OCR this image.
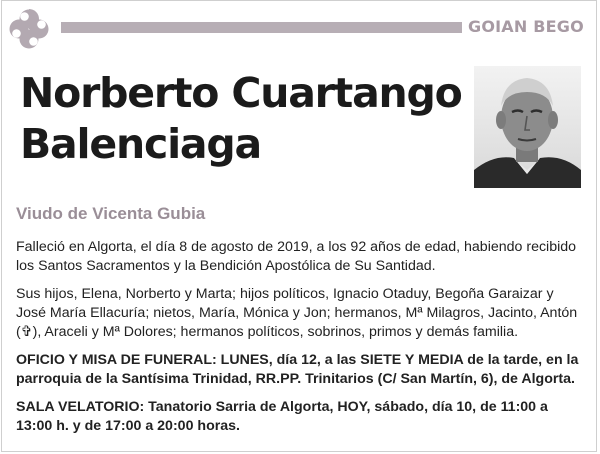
GOIAN BEGO
Norberto Cuartango
Balenciaga
Viudo de Vicenta Gubia

Falleció en Algorta, el día 8 de agosto de 2019, a los 92 años de edad, habiendo recibido los Santos Sacramentos y la Bendición Apostólica de Su Santidad.

Sus hijos, Elena, Norberto y Marta; hijos políticos, Ignacio Otaduy, Begoña Garaizar y José María Ellacuría; nietos, María, Mónica y Jon; hermanos, Mª Milagros, Jacinto, Antón (✞), Araceli y Mª Dolores; hermanos políticos, sobrinos, primos y demás familia.

OFICIO Y MISA DE FUNERAL: LUNES, día 12, a las SIETE Y MEDIA de la tarde, en la parroquia de la Santísima Trinidad, RR.PP. Trinitarios (C/ San Martín, 6), de Algorta.

SALA VELATORIO: Tanatorio Sarria de Algorta, HOY, sábado, día 10, de 11:00 a 13:00 h. y de 17:00 a 20:00 horas.
